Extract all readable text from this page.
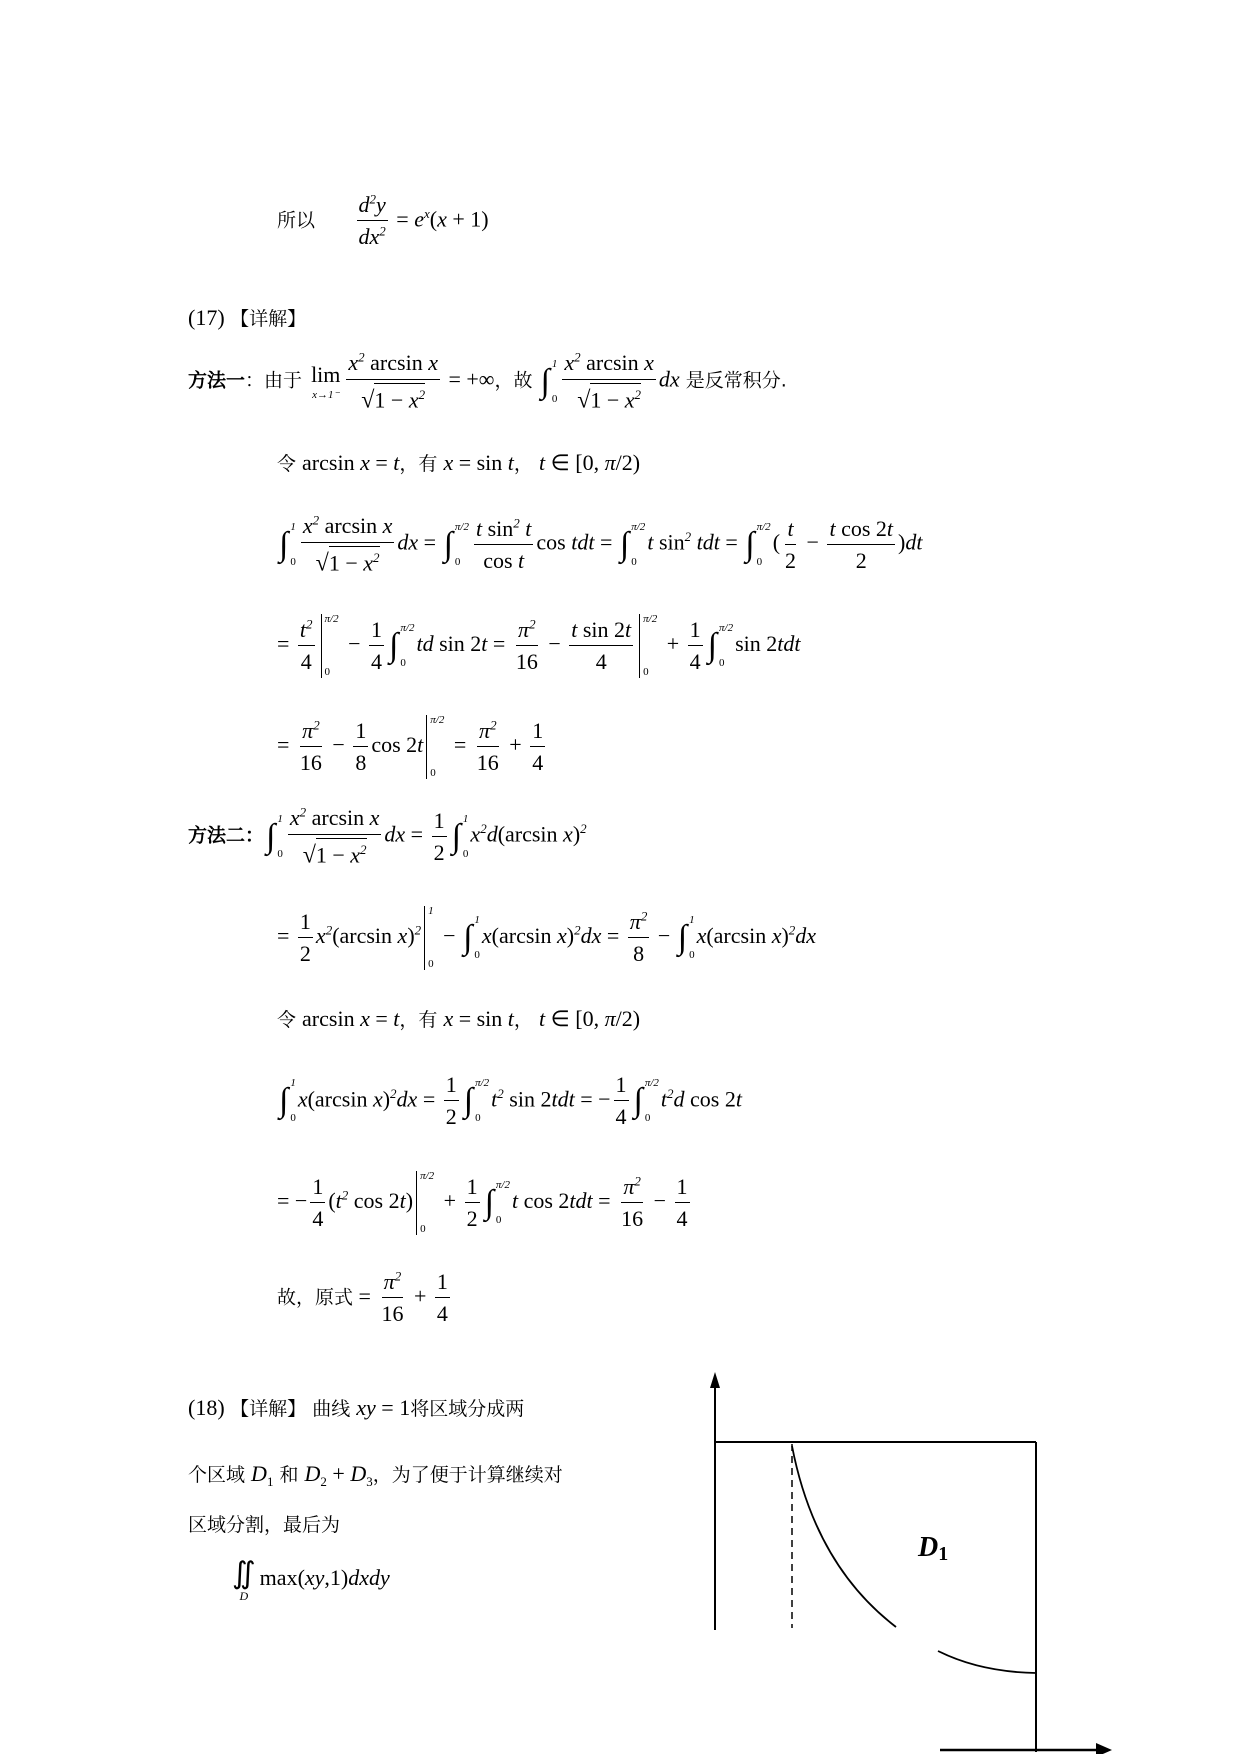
所以 $\frac{d^2y}{dx^2} = e^x(x + 1)$
(17) 【详解】
方法一：由于 lim
$x\to 1^- \frac{x^2 \arcsin x}{√1 - x^2}$ = +∞，故 ∫ 1
$0 \frac{x^2 \arcsin x}{√1 - x^2}$ dx 是反常积分.
令 arcsin x = t，有 x = sin t， t ∈ [0, π/2)
∫ 1
$0 \frac{x^2 \arcsin x}{√1 - x^2}$ dx = ∫ π/2
$0 \frac{t \sin^2 t}{\text{cos t}}$ cos tdt = ∫ π/2
0
t $\sin^2$ tdt = ∫ π/2
0
( $\frac{t}{2} - \frac{\text{t cos 2t}}{2} )dt$
= $\frac{t^2}{4} \pi/2$
0
− $\frac{1}{4}$ ∫ π/2
0
td $\sin 2t = \frac{\pi^2}{16} - \frac{\text{t sin 2t}}{4} \pi/2$
0
+ $\frac{1}{4}$ ∫ π/2
0
sin 2tdt
= $\frac{\pi^2}{16} - \frac{1}{8}$ cos 2t
π/2
0
= $\frac{\pi^2}{16} + \frac{1}{4}$
方法二： ∫ 1
$0 \frac{x^2 \arcsin x}{√1 - x^2}$ dx = $\frac{1}{2}$ ∫ 1
0
$x^2d(\arcsin$ x)$^2$
= $\frac{1}{2} x^2(\arcsin$ x)$^2$
1
0
− ∫ 1
0
x(arcsin $x)^2dx = \frac{\pi^2}{8}$ − ∫ 1
0
x(arcsin x)$^2$dx
令 arcsin x = t，有 x = sin t， t ∈ [0, π/2)
∫ 1
0
x(arcsin $x)^2dx = \frac{1}{2}$ ∫ π/2
0
$t^2$ sin 2tdt = − $\frac{1}{4}$ ∫ π/2
0
$t^2d$ cos 2t
= − $\frac{1}{4} (t^2$ cos 2t)
π/2
0
+ $\frac{1}{2}$ ∫ π/2
0
t $\cos 2tdt = \frac{\pi^2}{16} - \frac{1}{4}$
故，原式 = $\frac{\pi^2}{16} + \frac{1}{4}$
(18) 【详解】 曲线 xy = 1将区域分成两
个区域 $D_1$ 和 $D_2 + D_3$，为了便于计算继续对
区域分割，最后为
∬
D
max(xy,1)dxdy
D1
